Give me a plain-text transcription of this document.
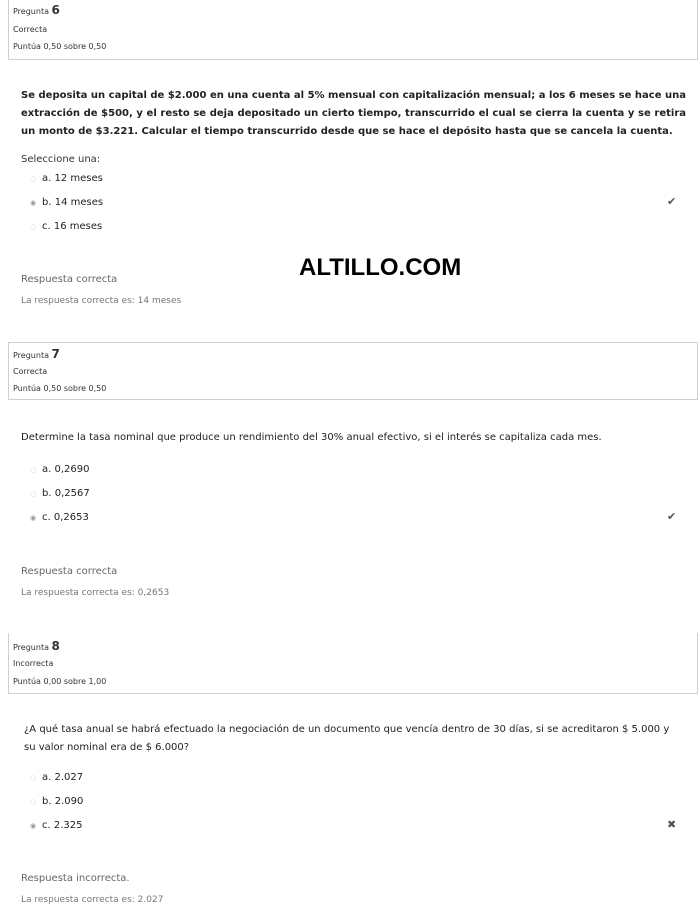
Pregunta 6
Correcta
Puntúa 0,50 sobre 0,50
Se deposita un capital de $2.000 en una cuenta al 5% mensual con capitalización mensual; a los 6 meses se hace una extracción de $500, y el resto se deja depositado un cierto tiempo, transcurrido el cual se cierra la cuenta y se retira un monto de $3.221. Calcular el tiempo transcurrido desde que se hace el depósito hasta que se cancela la cuenta.
Seleccione una:
◌ a. 12 meses
◉ b. 14 meses
◌ c. 16 meses
✔
ALTILLO.COM
Respuesta correcta
La respuesta correcta es: 14 meses
Pregunta 7
Correcta
Puntúa 0,50 sobre 0,50
Determine la tasa nominal que produce un rendimiento del 30% anual efectivo, si el interés se capitaliza cada mes.
◌ a. 0,2690
◌ b. 0,2567
◉ c. 0,2653	✔
Respuesta correcta
La respuesta correcta es: 0,2653
Pregunta 8
Incorrecta
Puntúa 0,00 sobre 1,00
¿A qué tasa anual se habrá efectuado la negociación de un documento que vencía dentro de 30 días, si se acreditaron $ 5.000 y su valor nominal era de $ 6.000?
◌ a. 2.027
◌ b. 2.090
◉ c. 2.325	✖
Respuesta incorrecta.
La respuesta correcta es: 2.027
